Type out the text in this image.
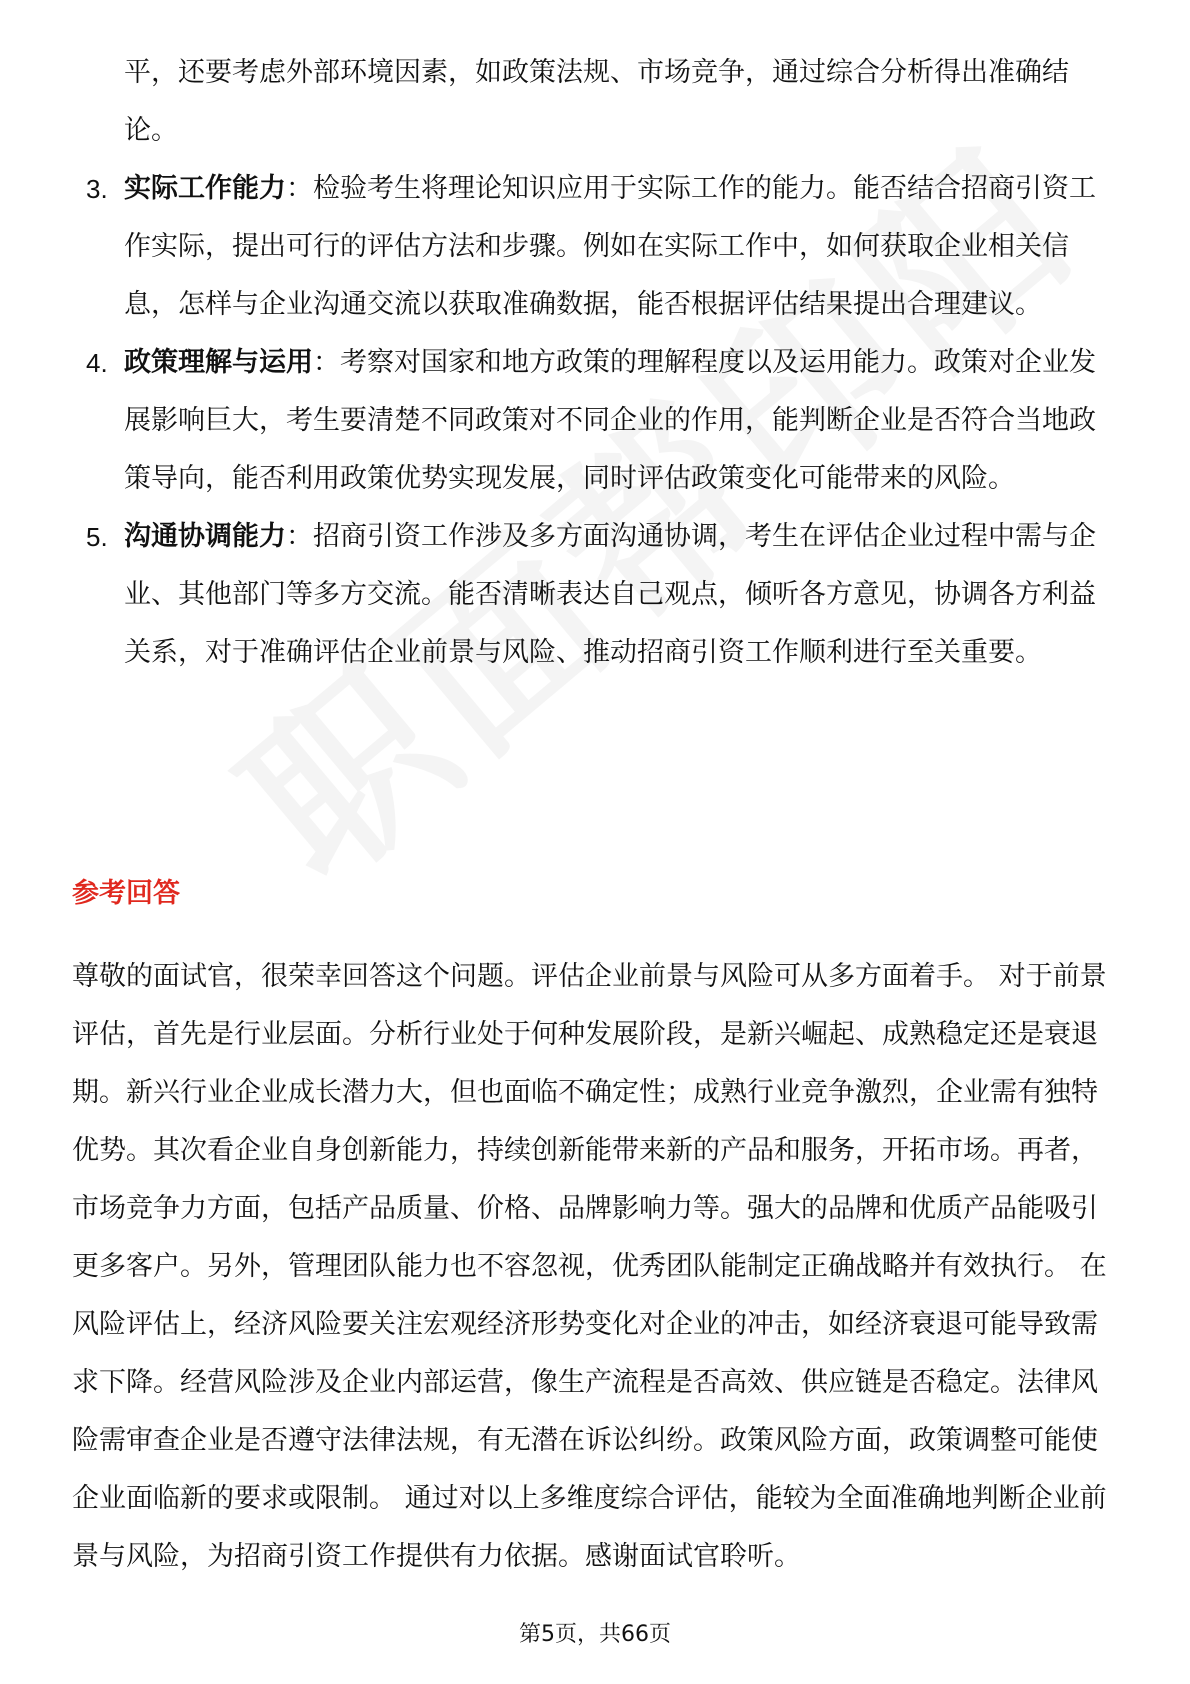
平，还要考虑外部环境因素，如政策法规、市场竞争，通过综合分析得出准确结论。

3. 实际工作能力：检验考生将理论知识应用于实际工作的能力。能否结合招商引资工作实际，提出可行的评估方法和步骤。例如在实际工作中，如何获取企业相关信息，怎样与企业沟通交流以获取准确数据，能否根据评估结果提出合理建议。
4. 政策理解与运用：考察对国家和地方政策的理解程度以及运用能力。政策对企业发展影响巨大，考生要清楚不同政策对不同企业的作用，能判断企业是否符合当地政策导向，能否利用政策优势实现发展，同时评估政策变化可能带来的风险。
5. 沟通协调能力：招商引资工作涉及多方面沟通协调，考生在评估企业过程中需与企业、其他部门等多方交流。能否清晰表达自己观点，倾听各方意见，协调各方利益关系，对于准确评估企业前景与风险、推动招商引资工作顺利进行至关重要。
参考回答

尊敬的面试官，很荣幸回答这个问题。评估企业前景与风险可从多方面着手。 对于前景评估，首先是行业层面。分析行业处于何种发展阶段，是新兴崛起、成熟稳定还是衰退期。新兴行业企业成长潜力大，但也面临不确定性；成熟行业竞争激烈，企业需有独特优势。其次看企业自身创新能力，持续创新能带来新的产品和服务，开拓市场。再者，市场竞争力方面，包括产品质量、价格、品牌影响力等。强大的品牌和优质产品能吸引更多客户。另外，管理团队能力也不容忽视，优秀团队能制定正确战略并有效执行。 在风险评估上，经济风险要关注宏观经济形势变化对企业的冲击，如经济衰退可能导致需求下降。经营风险涉及企业内部运营，像生产流程是否高效、供应链是否稳定。法律风险需审查企业是否遵守法律法规，有无潜在诉讼纠纷。政策风险方面，政策调整可能使企业面临新的要求或限制。 通过对以上多维度综合评估，能较为全面准确地判断企业前景与风险，为招商引资工作提供有力依据。感谢面试官聆听。

第5页，共66页
